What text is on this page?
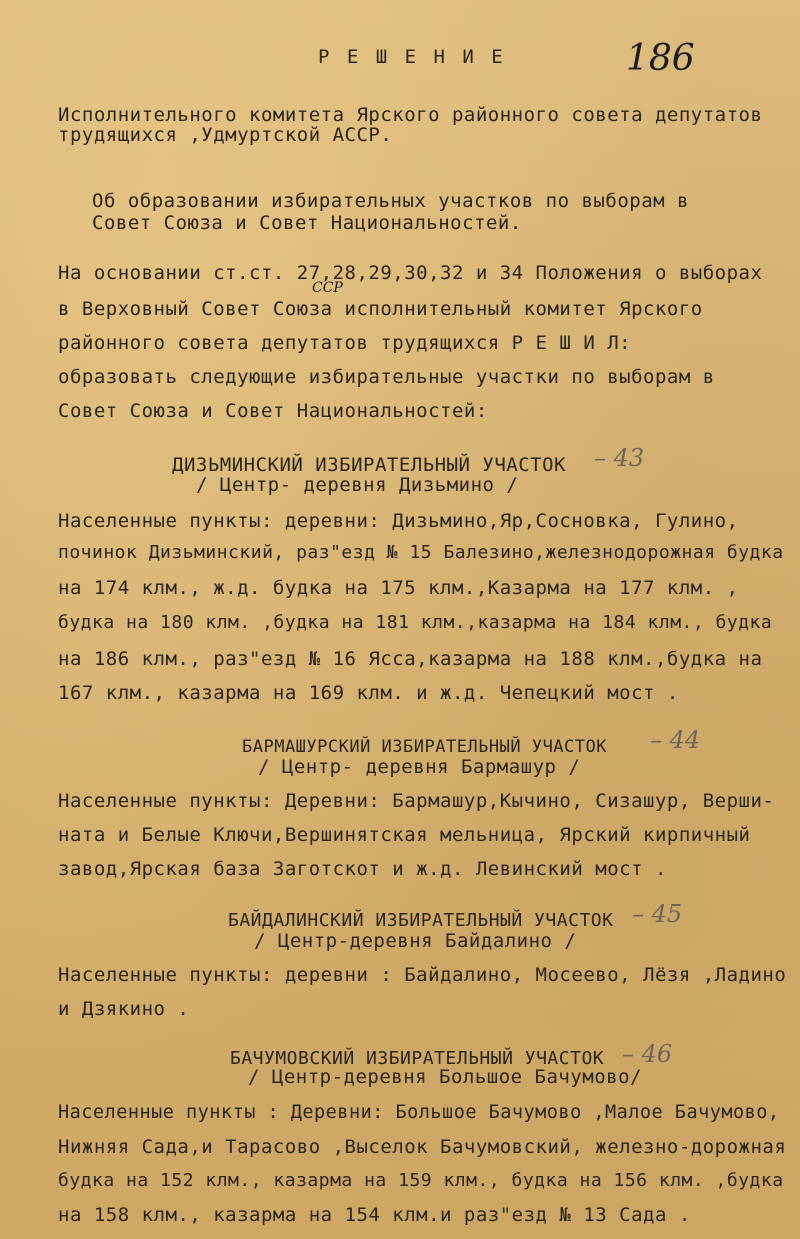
Р Е Ш Е Н И Е	186
Исполнительного комитета Ярского районного совета депутатов
трудящихся ,Удмуртской АССР.
Об образовании избирательных участков по выборам в
Совет Союза и Совет Национальностей.
На основании ст.ст. 27,28,29,30,32 и 34 Положения о выборах
ССР
в Верховный Совет Союза исполнительный комитет Ярского
районного совета депутатов трудящихся Р Е Ш И Л:
образовать следующие избирательные участки по выборам в
Совет Союза и Совет Национальностей:
ДИЗЬМИНСКИЙ ИЗБИРАТЕЛЬНЫЙ УЧАСТОК – 43
/ Центр- деревня Дизьмино /
Населенные пункты: деревни: Дизьмино,Яр,Сосновка, Гулино,
починок Дизьминский, раз"езд № 15 Балезино,железнодорожная будка
на 174 клм., ж.д. будка на 175 клм.,Казарма на 177 клм. ,
будка на 180 клм. ,будка на 181 клм.,казарма на 184 клм., будка
на 186 клм., раз"езд № 16 Ясса,казарма на 188 клм.,будка на
167 клм., казарма на 169 клм. и ж.д. Чепецкий мост .
БАРМАШУРСКИЙ ИЗБИРАТЕЛЬНЫЙ УЧАСТОК – 44
/ Центр- деревня Бармашур /
Населенные пункты: Деревни: Бармашур,Кычино, Сизашур, Верши-
ната и Белые Ключи,Вершинятская мельница, Ярский кирпичный
завод,Ярская база Заготскот и ж.д. Левинский мост .
БАЙДАЛИНСКИЙ ИЗБИРАТЕЛЬНЫЙ УЧАСТОК – 45
/ Центр-деревня Байдалино /
Населенные пункты: деревни : Байдалино, Мосеево, Лёзя ,Ладино
и Дзякино .
БАЧУМОВСКИЙ ИЗБИРАТЕЛЬНЫЙ УЧАСТОК – 46
/ Центр-деревня Большое Бачумово/
Населенные пункты : Деревни: Большое Бачумово ,Малое Бачумово,
Нижняя Сада,и Тарасово ,Выселок Бачумовский, железно-дорожная
будка на 152 клм., казарма на 159 клм., будка на 156 клм. ,будка
на 158 клм., казарма на 154 клм.и раз"езд № 13 Сада .
